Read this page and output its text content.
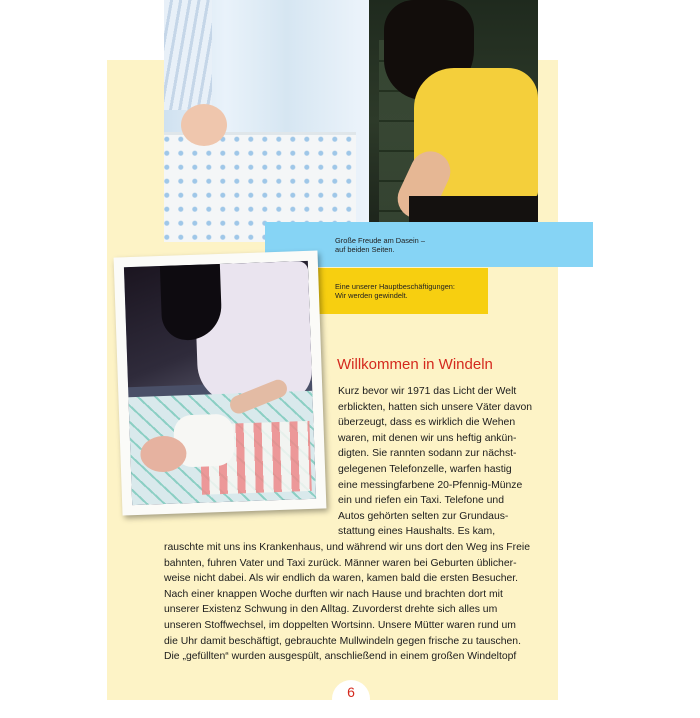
Große Freude am Dasein –
auf beiden Seiten.
Eine unserer Hauptbeschäftigungen:
Wir werden gewindelt.
Willkommen in Windeln

Kurz bevor wir 1971 das Licht der Welt
erblickten, hatten sich unsere Väter davon
überzeugt, dass es wirklich die Wehen
waren, mit denen wir uns heftig ankün-
digten. Sie rannten sodann zur nächst-
gelegenen Telefonzelle, warfen hastig
eine messingfarbene 20-Pfennig-Münze
ein und riefen ein Taxi. Telefone und
Autos gehörten selten zur Grundaus-
stattung eines Haushalts. Es kam,
rauschte mit uns ins Krankenhaus, und während wir uns dort den Weg ins Freie
bahnten, fuhren Vater und Taxi zurück. Männer waren bei Geburten üblicher-
weise nicht dabei. Als wir endlich da waren, kamen bald die ersten Besucher.
Nach einer knappen Woche durften wir nach Hause und brachten dort mit
unserer Existenz Schwung in den Alltag. Zuvorderst drehte sich alles um
unseren Stoffwechsel, im doppelten Wortsinn. Unsere Mütter waren rund um
die Uhr damit beschäftigt, gebrauchte Mullwindeln gegen frische zu tauschen.
Die „gefüllten“ wurden ausgespült, anschließend in einem großen Windeltopf

6
